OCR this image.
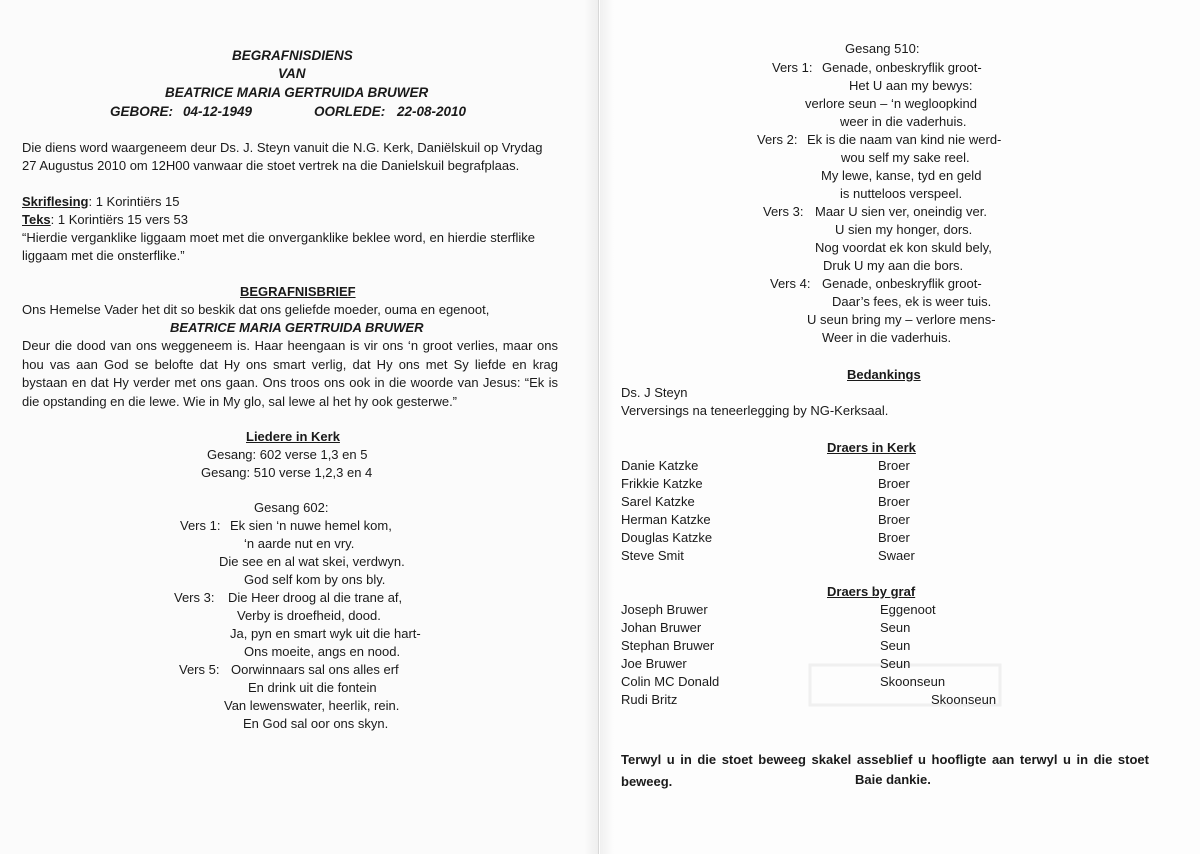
BEGRAFNISDIENS
VAN
BEATRICE MARIA GERTRUIDA BRUWER
GEBORE: 04-12-1949	OORLEDE: 22-08-2010
Die diens word waargeneem deur Ds. J. Steyn vanuit die N.G. Kerk, Daniëlskuil op Vrydag
27 Augustus 2010 om 12H00 vanwaar die stoet vertrek na die Danielskuil begrafplaas.
Skriflesing: 1 Korintiërs 15
Teks: 1 Korintiërs 15 vers 53
“Hierdie verganklike liggaam moet met die onverganklike beklee word, en hierdie sterflike
liggaam met die onsterflike.”
BEGRAFNISBRIEF
Ons Hemelse Vader het dit so beskik dat ons geliefde moeder, ouma en egenoot,
BEATRICE MARIA GERTRUIDA BRUWER
Deur die dood van ons weggeneem is. Haar heengaan is vir ons ‘n groot verlies, maar ons
hou vas aan God se belofte dat Hy ons smart verlig, dat Hy ons met Sy liefde en krag
bystaan en dat Hy verder met ons gaan. Ons troos ons ook in die woorde van Jesus: “Ek is
die opstanding en die lewe. Wie in My glo, sal lewe al het hy ook gesterwe.”
Liedere in Kerk
Gesang: 602 verse 1,3 en 5
Gesang: 510 verse 1,2,3 en 4
Gesang 602:
Vers 1: Ek sien ‘n nuwe hemel kom,
‘n aarde nut en vry.
Die see en al wat skei, verdwyn.
God self kom by ons bly.
Vers 3: Die Heer droog al die trane af,
Verby is droefheid, dood.
Ja, pyn en smart wyk uit die hart-
Ons moeite, angs en nood.
Vers 5: Oorwinnaars sal ons alles erf
En drink uit die fontein
Van lewenswater, heerlik, rein.
En God sal oor ons skyn.
Gesang 510:
Vers 1: Genade, onbeskryflik groot-
Het U aan my bewys:
verlore seun – ‘n wegloopkind
weer in die vaderhuis.
Vers 2: Ek is die naam van kind nie werd-
wou self my sake reel.
My lewe, kanse, tyd en geld
is nutteloos verspeel.
Vers 3: Maar U sien ver, oneindig ver.
U sien my honger, dors.
Nog voordat ek kon skuld bely,
Druk U my aan die bors.
Vers 4: Genade, onbeskryflik groot-
Daar’s fees, ek is weer tuis.
U seun bring my – verlore mens-
Weer in die vaderhuis.
Bedankings
Ds. J Steyn
Verversings na teneerlegging by NG-Kerksaal.
Draers in Kerk
Danie Katzke	Broer
Frikkie Katzke	Broer
Sarel Katzke	Broer
Herman Katzke	Broer
Douglas Katzke	Broer
Steve Smit	Swaer
Draers by graf
Joseph Bruwer	Eggenoot
Johan Bruwer	Seun
Stephan Bruwer	Seun
Joe Bruwer	Seun
Colin MC Donald	Skoonseun
Rudi Britz	Skoonseun
Terwyl u in die stoet beweeg skakel asseblief u hoofligte aan terwyl u in die stoet
beweeg.	Baie dankie.
